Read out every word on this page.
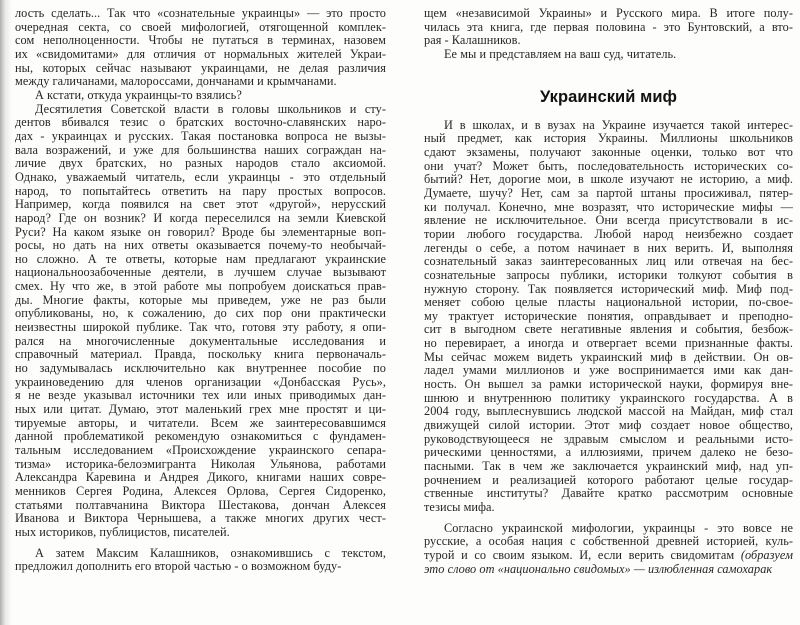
лость сделать... Так что «сознательные украинцы» — это просто
очередная секта, со своей мифологией, отягощенной комплек-
сом неполноценности. Чтобы не путаться в терминах, назовем
их «свидомитами» для отличия от нормальных жителей Украи-
ны, которых сейчас называют украинцами, не делая различия
между галичанами, малороссами, дончанами и крымчанами.
А кстати, откуда украинцы-то взялись?
Десятилетия Советской власти в головы школьников и сту-
дентов вбивался тезис о братских восточно-славянских наро-
дах - украинцах и русских. Такая постановка вопроса не вызы-
вала возражений, и уже для большинства наших сограждан на-
личие двух братских, но разных народов стало аксиомой.
Однако, уважаемый читатель, если украинцы - это отдельный
народ, то попытайтесь ответить на пару простых вопросов.
Например, когда появился на свет этот «другой», нерусский
народ? Где он возник? И когда переселился на земли Киевской
Руси? На каком языке он говорил? Вроде бы элементарные воп-
росы, но дать на них ответы оказывается почему-то необычай-
но сложно. А те ответы, которые нам предлагают украинские
национальноозабоченные деятели, в лучшем случае вызывают
смех. Ну что же, в этой работе мы попробуем доискаться прав-
ды. Многие факты, которые мы приведем, уже не раз были
опубликованы, но, к сожалению, до сих пор они практически
неизвестны широкой публике. Так что, готовя эту работу, я опи-
рался на многочисленные документальные исследования и
справочный материал. Правда, поскольку книга первоначаль-
но задумывалась исключительно как внутреннее пособие по
украиноведению для членов организации «Донбасская Русь»,
я не везде указывал источники тех или иных приводимых дан-
ных или цитат. Думаю, этот маленький грех мне простят и ци-
тируемые авторы, и читатели. Всем же заинтересовавшимся
данной проблематикой рекомендую ознакомиться с фундамен-
тальным исследованием «Происхождение украинского сепара-
тизма» историка-белоэмигранта Николая Ульянова, работами
Александра Каревина и Андрея Дикого, книгами наших совре-
менников Сергея Родина, Алексея Орлова, Сергея Сидоренко,
статьями полтавчанина Виктора Шестакова, дончан Алексея
Иванова и Виктора Чернышева, а также многих других чест-
ных историков, публицистов, писателей.
А затем Максим Калашников, ознакомившись с текстом,
предложил дополнить его второй частью - о возможном буду-
щем «независимой Украины» и Русского мира. В итоге полу-
чилась эта книга, где первая половина - это Бунтовский, а вто-
рая - Калашников.
Ее мы и представляем на ваш суд, читатель.
Украинский миф
И в школах, и в вузах на Украине изучается такой интерес-
ный предмет, как история Украины. Миллионы школьников
сдают экзамены, получают законные оценки, только вот что
они учат? Может быть, последовательность исторических со-
бытий? Нет, дорогие мои, в школе изучают не историю, а миф.
Думаете, шучу? Нет, сам за партой штаны просиживал, пятер-
ки получал. Конечно, мне возразят, что исторические мифы —
явление не исключительное. Они всегда присутствовали в ис-
тории любого государства. Любой народ неизбежно создает
легенды о себе, а потом начинает в них верить. И, выполняя
сознательный заказ заинтересованных лиц или отвечая на бес-
сознательные запросы публики, историки толкуют события в
нужную сторону. Так появляется исторический миф. Миф под-
меняет собою целые пласты национальной истории, по-свое-
му трактует исторические понятия, оправдывает и преподно-
сит в выгодном свете негативные явления и события, безбож-
но перевирает, а иногда и отвергает всеми признанные факты.
Мы сейчас можем видеть украинский миф в действии. Он ов-
ладел умами миллионов и уже воспринимается ими как дан-
ность. Он вышел за рамки исторической науки, формируя вне-
шнюю и внутреннюю политику украинского государства. А в
2004 году, выплеснувшись людской массой на Майдан, миф стал
движущей силой истории. Этот миф создает новое общество,
руководствующееся не здравым смыслом и реальными исто-
рическими ценностями, а иллюзиями, причем далеко не безо-
пасными. Так в чем же заключается украинский миф, над уп-
рочнением и реализацией которого работают целые государ-
ственные институты? Давайте кратко рассмотрим основные
тезисы мифа.
Согласно украинской мифологии, украинцы - это вовсе не
русские, а особая нация с собственной древней историей, куль-
турой и со своим языком. И, если верить свидомитам (образуем
это слово от «национально свидомых» — излюбленная самохарак
